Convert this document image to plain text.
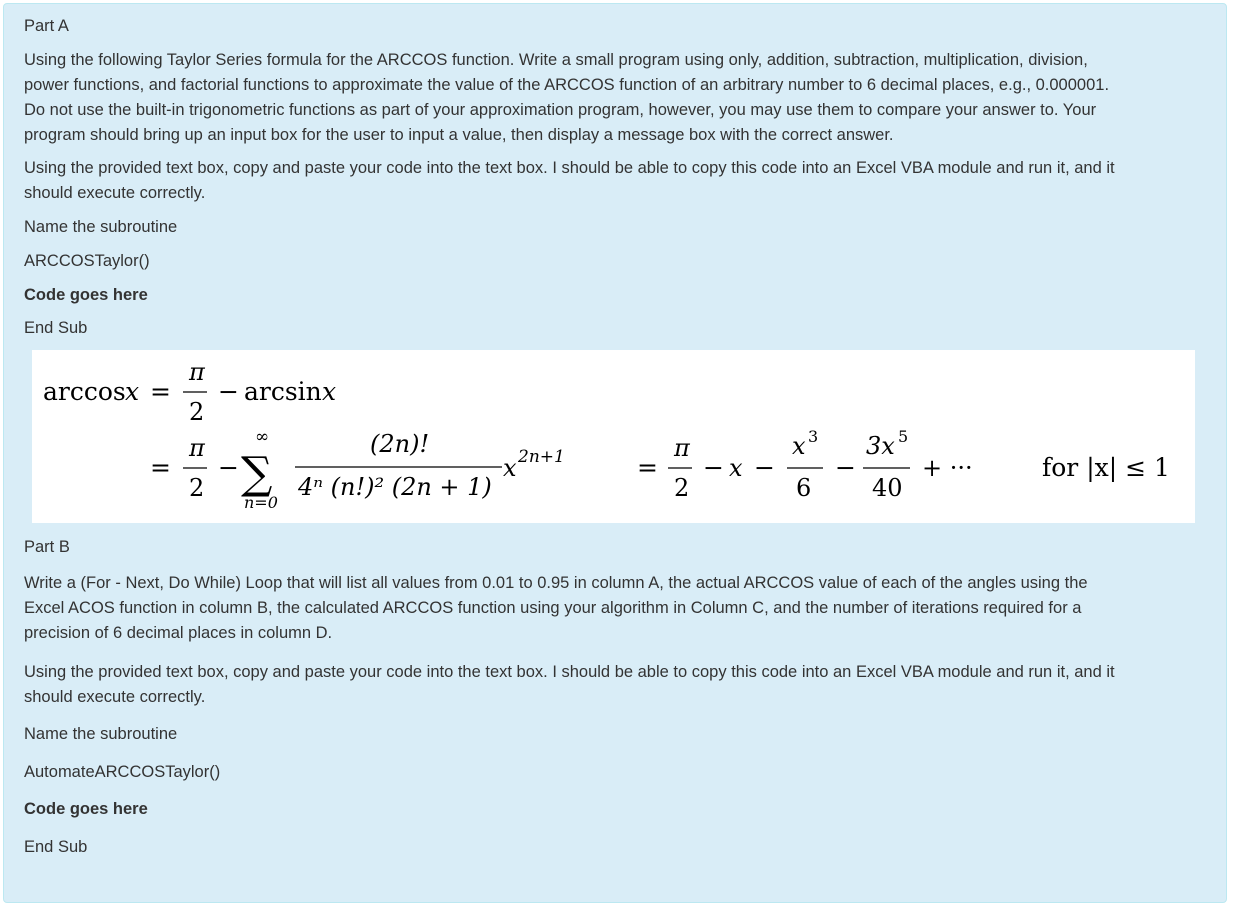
Part A

Using the following Taylor Series formula for the ARCCOS function. Write a small program using only, addition, subtraction, multiplication, division,

power functions, and factorial functions to approximate the value of the ARCCOS function of an arbitrary number to 6 decimal places, e.g., 0.000001.

Do not use the built-in trigonometric functions as part of your approximation program, however, you may use them to compare your answer to. Your

program should bring up an input box for the user to input a value, then display a message box with the correct answer.

Using the provided text box, copy and paste your code into the text box. I should be able to copy this code into an Excel VBA module and run it, and it

should execute correctly.

Name the subroutine

ARCCOSTaylor()

Code goes here

End Sub

arccos x =
π
2
− arcsin x
=
π
2
−
∞
∑
n=0
(2n)!
4ⁿ (n!)² (2n + 1)
x 2n+1	=
π
2
− x −
x 3
6
−
3x 5
40
+ ···	for |x| ≤ 1

Part B

Write a (For - Next, Do While) Loop that will list all values from 0.01 to 0.95 in column A, the actual ARCCOS value of each of the angles using the

Excel ACOS function in column B, the calculated ARCCOS function using your algorithm in Column C, and the number of iterations required for a

precision of 6 decimal places in column D.

Using the provided text box, copy and paste your code into the text box. I should be able to copy this code into an Excel VBA module and run it, and it

should execute correctly.

Name the subroutine

AutomateARCCOSTaylor()

Code goes here

End Sub
